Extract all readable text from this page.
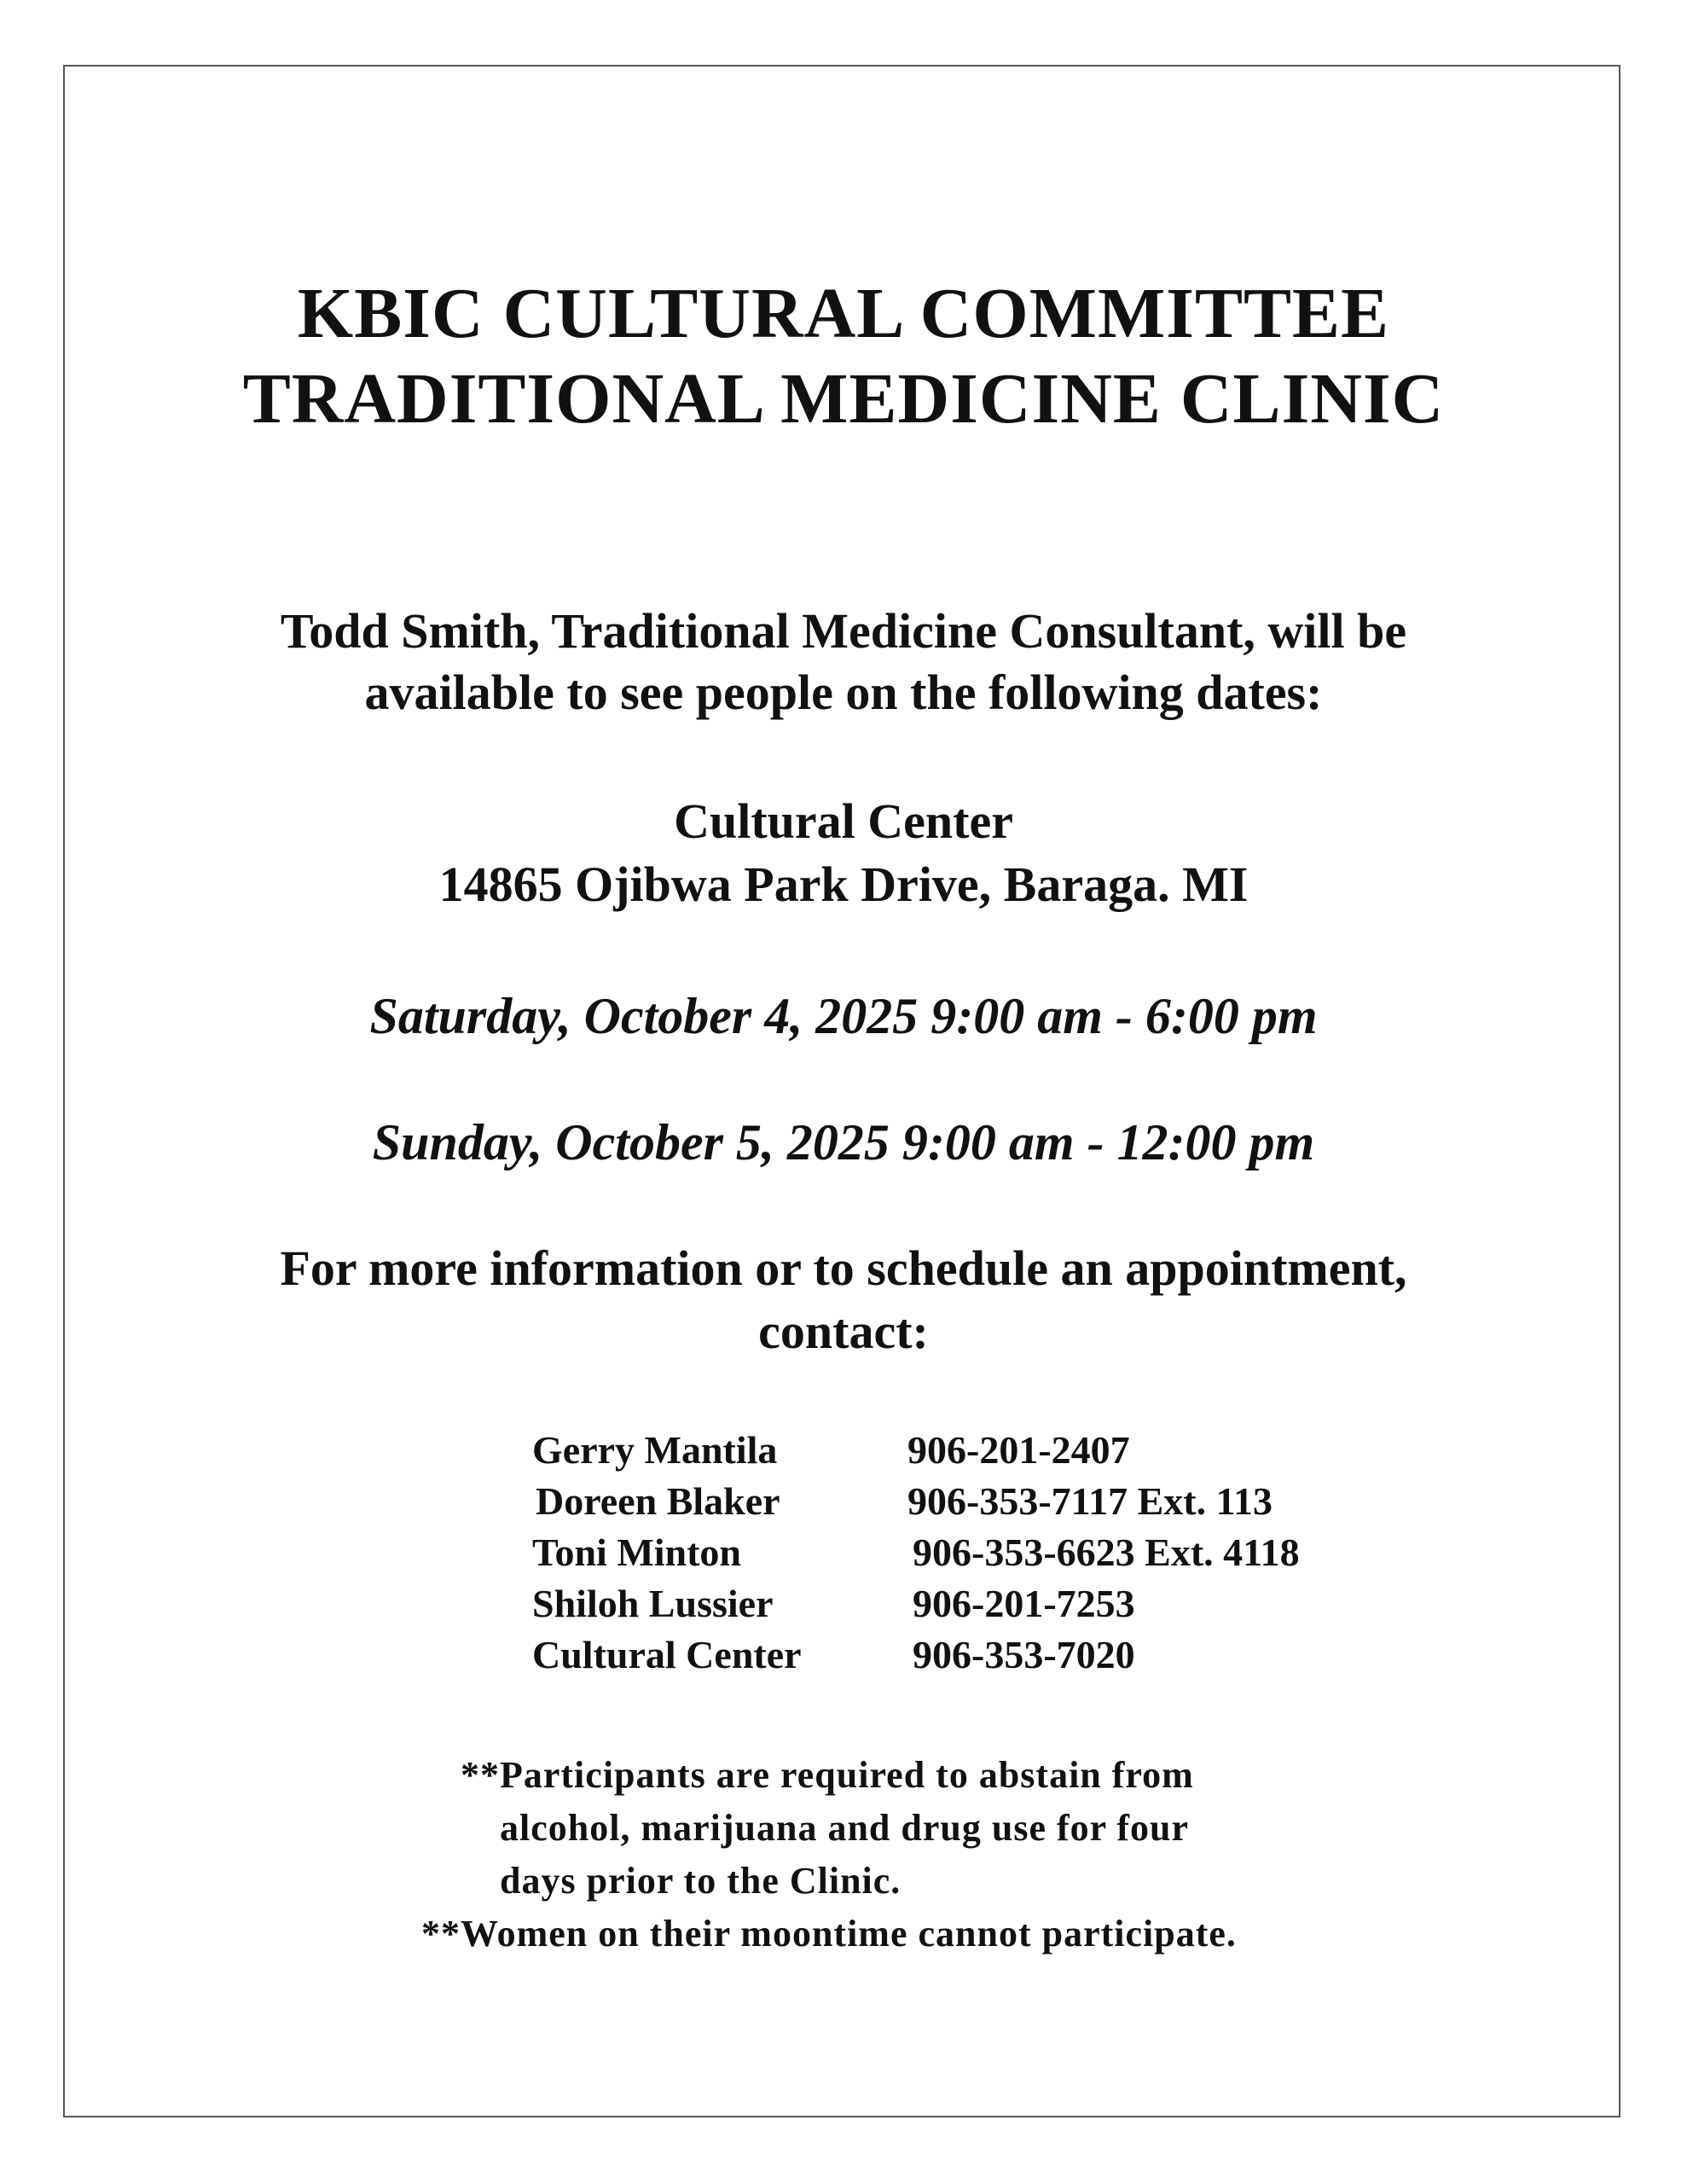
KBIC CULTURAL COMMITTEE
TRADITIONAL MEDICINE CLINIC
Todd Smith, Traditional Medicine Consultant, will be
available to see people on the following dates:
Cultural Center
14865 Ojibwa Park Drive, Baraga. MI
Saturday, October 4, 2025 9:00 am - 6:00 pm
Sunday, October 5, 2025 9:00 am - 12:00 pm
For more information or to schedule an appointment,
contact:
Gerry Mantila	906-201-2407
Doreen Blaker	906-353-7117 Ext. 113
Toni Minton	906-353-6623 Ext. 4118
Shiloh Lussier	906-201-7253
Cultural Center	906-353-7020
**Participants are required to abstain from
alcohol, marijuana and drug use for four
days prior to the Clinic.
**Women on their moontime cannot participate.
